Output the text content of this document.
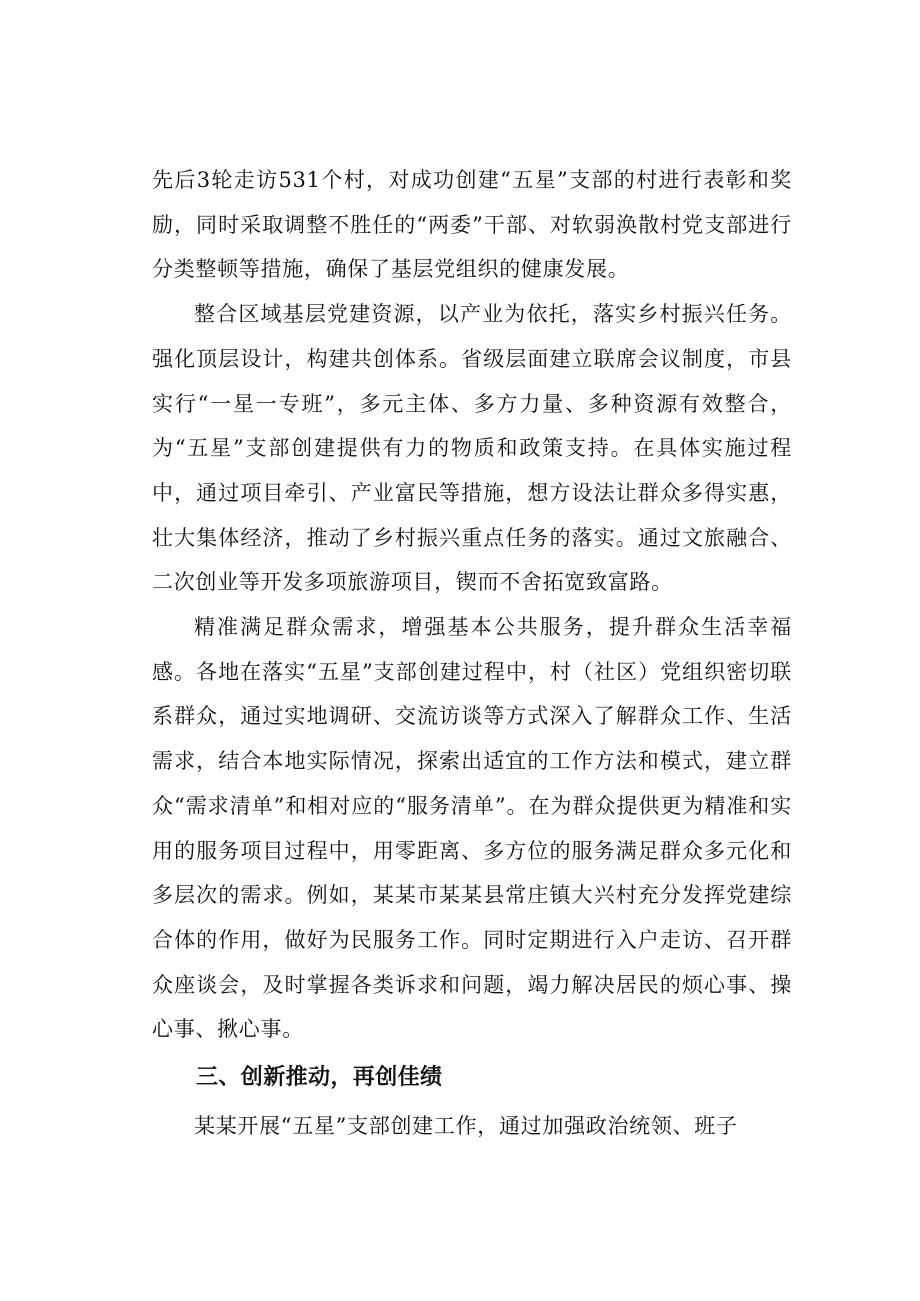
先后3轮走访531个村，对成功创建“五星”支部的村进行表彰和奖励，同时采取调整不胜任的“两委”干部、对软弱涣散村党支部进行分类整顿等措施，确保了基层党组织的健康发展。

整合区域基层党建资源，以产业为依托，落实乡村振兴任务。强化顶层设计，构建共创体系。省级层面建立联席会议制度，市县实行“一星一专班”，多元主体、多方力量、多种资源有效整合，为“五星”支部创建提供有力的物质和政策支持。在具体实施过程中，通过项目牵引、产业富民等措施，想方设法让群众多得实惠，壮大集体经济，推动了乡村振兴重点任务的落实。通过文旅融合、二次创业等开发多项旅游项目，锲而不舍拓宽致富路。

精准满足群众需求，增强基本公共服务，提升群众生活幸福感。各地在落实“五星”支部创建过程中，村（社区）党组织密切联系群众，通过实地调研、交流访谈等方式深入了解群众工作、生活需求，结合本地实际情况，探索出适宜的工作方法和模式，建立群众“需求清单”和相对应的“服务清单”。在为群众提供更为精准和实用的服务项目过程中，用零距离、多方位的服务满足群众多元化和多层次的需求。例如，某某市某某县常庄镇大兴村充分发挥党建综合体的作用，做好为民服务工作。同时定期进行入户走访、召开群众座谈会，及时掌握各类诉求和问题，竭力解决居民的烦心事、操心事、揪心事。

三、创新推动，再创佳绩

某某开展“五星”支部创建工作，通过加强政治统领、班子
